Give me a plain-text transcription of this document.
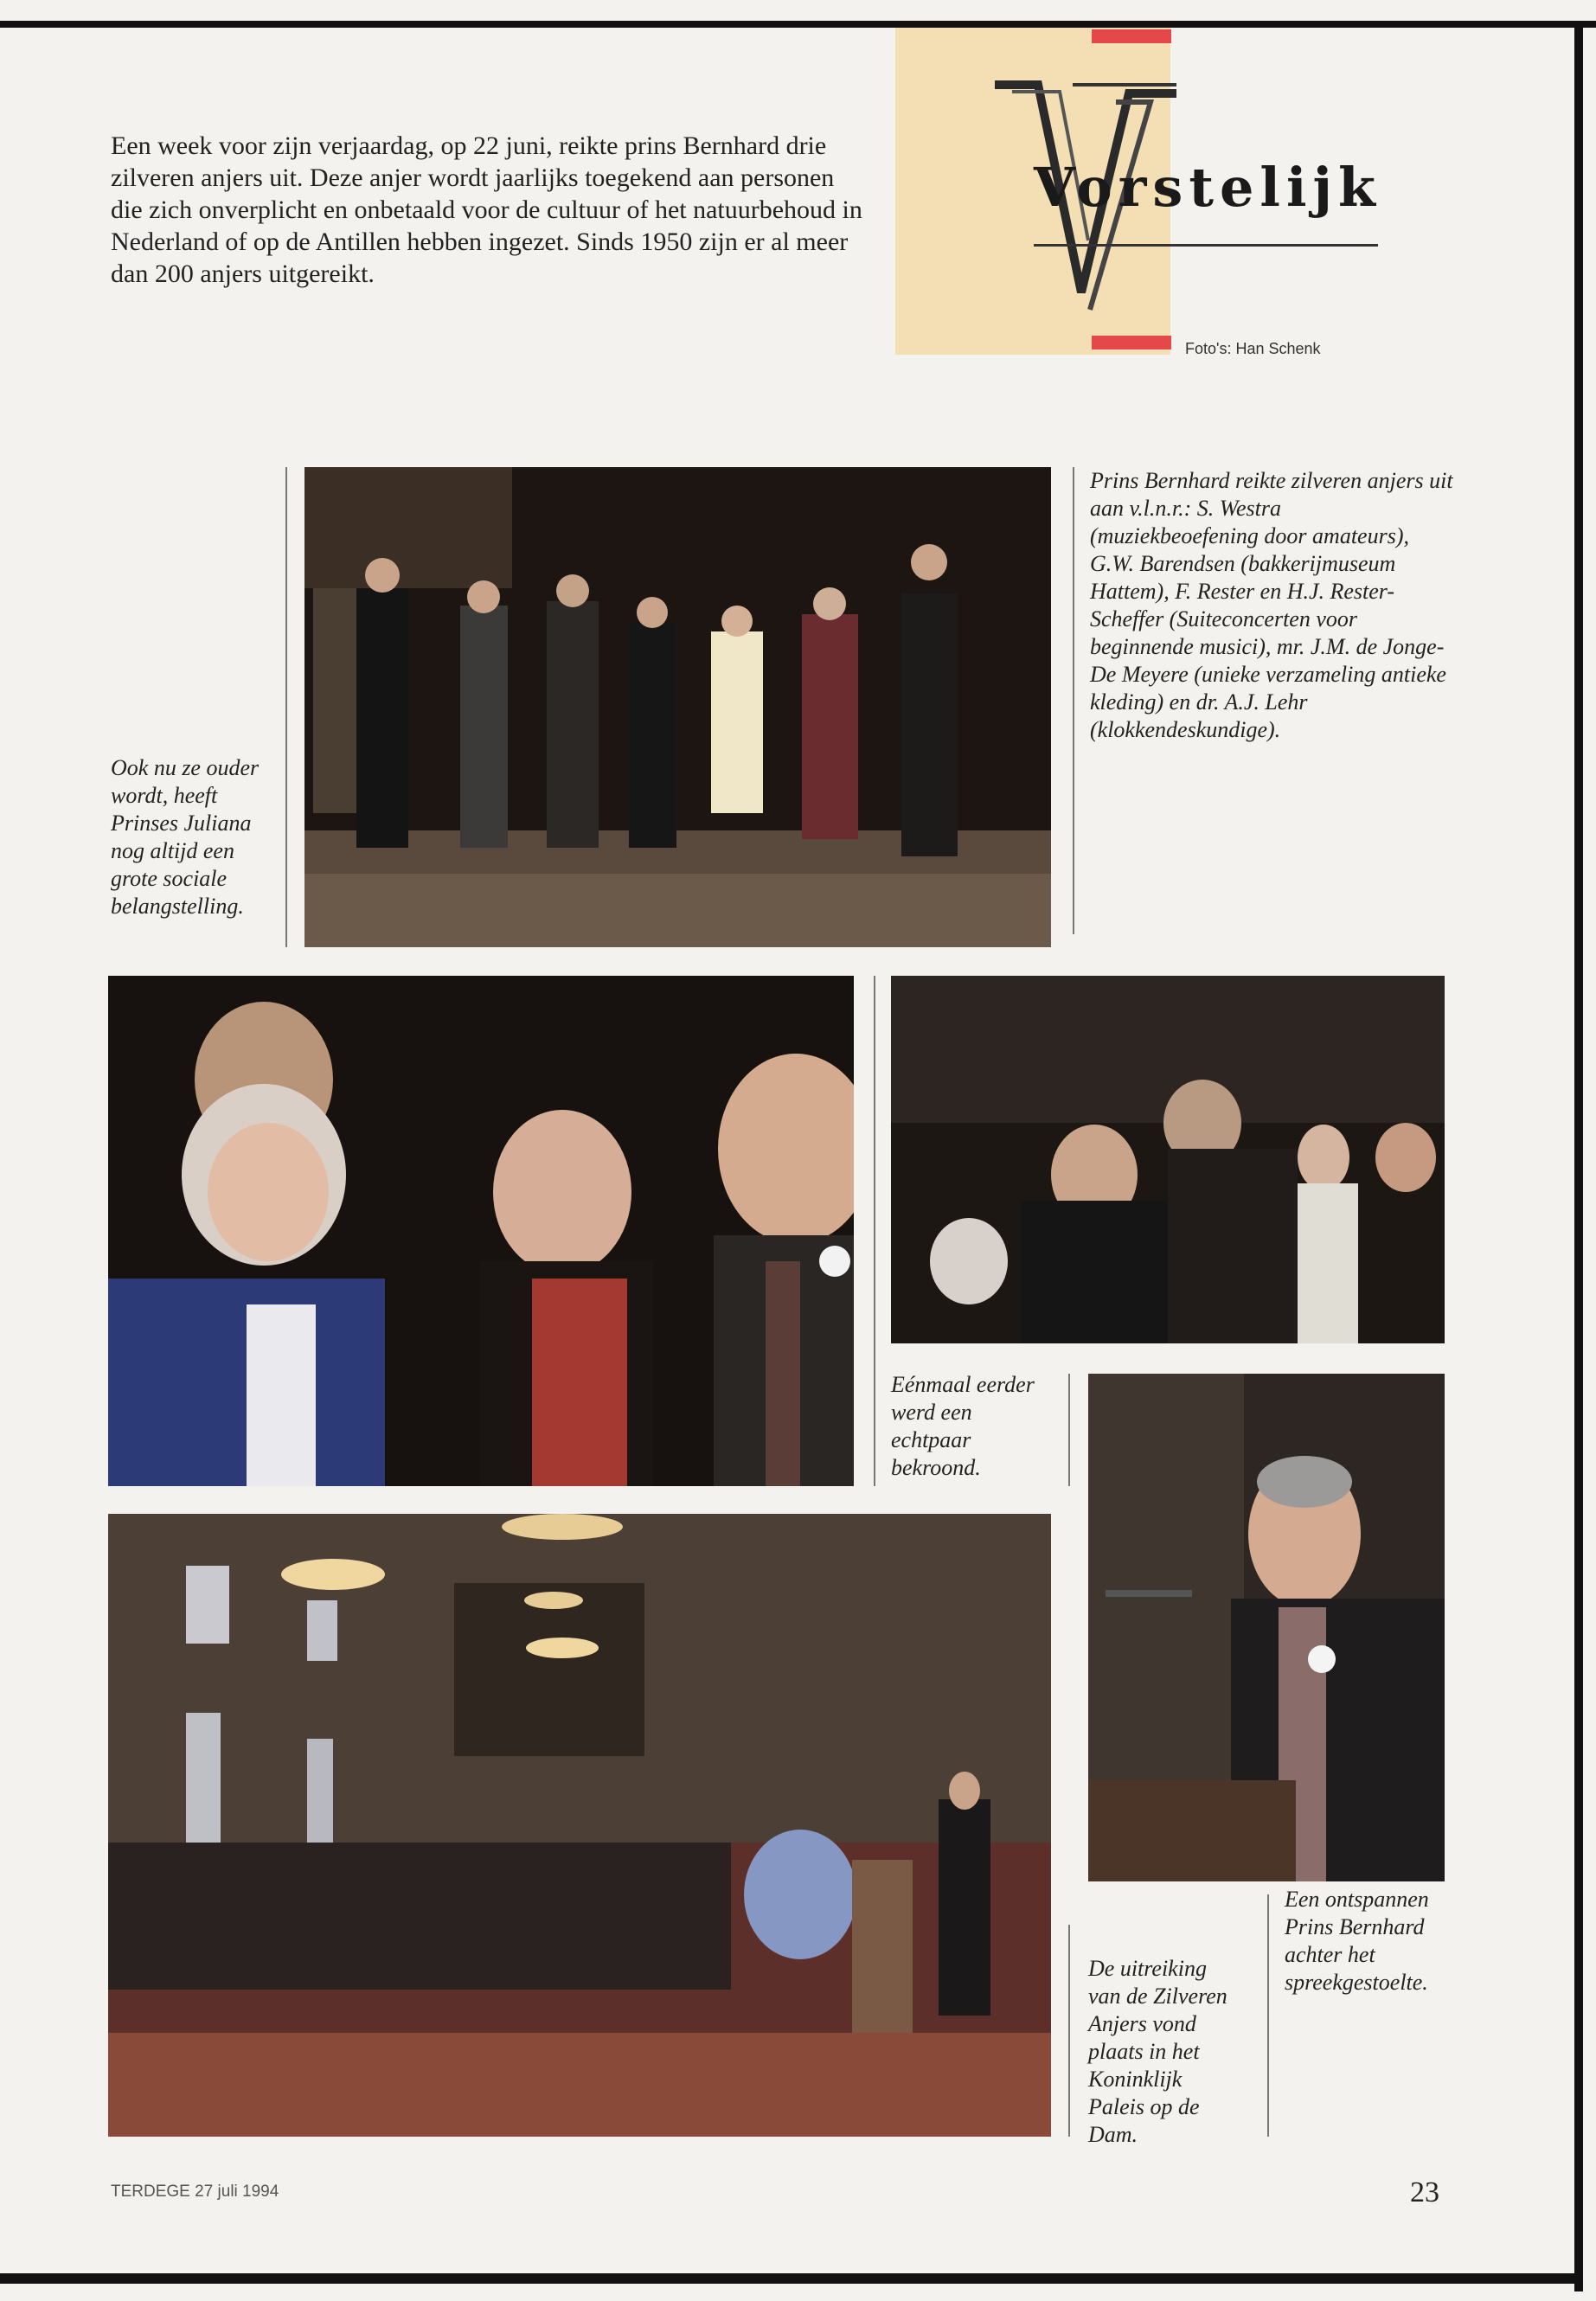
Een week voor zijn verjaardag, op 22 juni, reikte prins Bernhard drie zilveren anjers uit. Deze anjer wordt jaarlijks toegekend aan personen die zich onverplicht en onbetaald voor de cultuur of het natuurbehoud in Nederland of op de Antillen hebben ingezet. Sinds 1950 zijn er al meer dan 200 anjers uitgereikt.
Vorstelijk
Foto's: Han Schenk
Ook nu ze ouder wordt, heeft Prinses Juliana nog altijd een grote sociale belangstelling.
Prins Bernhard reikte zilveren anjers uit aan v.l.n.r.: S. Westra (muziekbeoefening door amateurs), G.W. Barendsen (bakkerijmuseum Hattem), F. Rester en H.J. Rester-Scheffer (Suiteconcerten voor beginnende musici), mr. J.M. de Jonge-De Meyere (unieke verzameling antieke kleding) en dr. A.J. Lehr (klokkendeskundige).
Eénmaal eerder werd een echtpaar bekroond.
De uitreiking van de Zilveren Anjers vond plaats in het Koninklijk Paleis op de Dam.
Een ontspannen Prins Bernhard achter het spreekgestoelte.
TERDEGE 27 juli 1994	23
